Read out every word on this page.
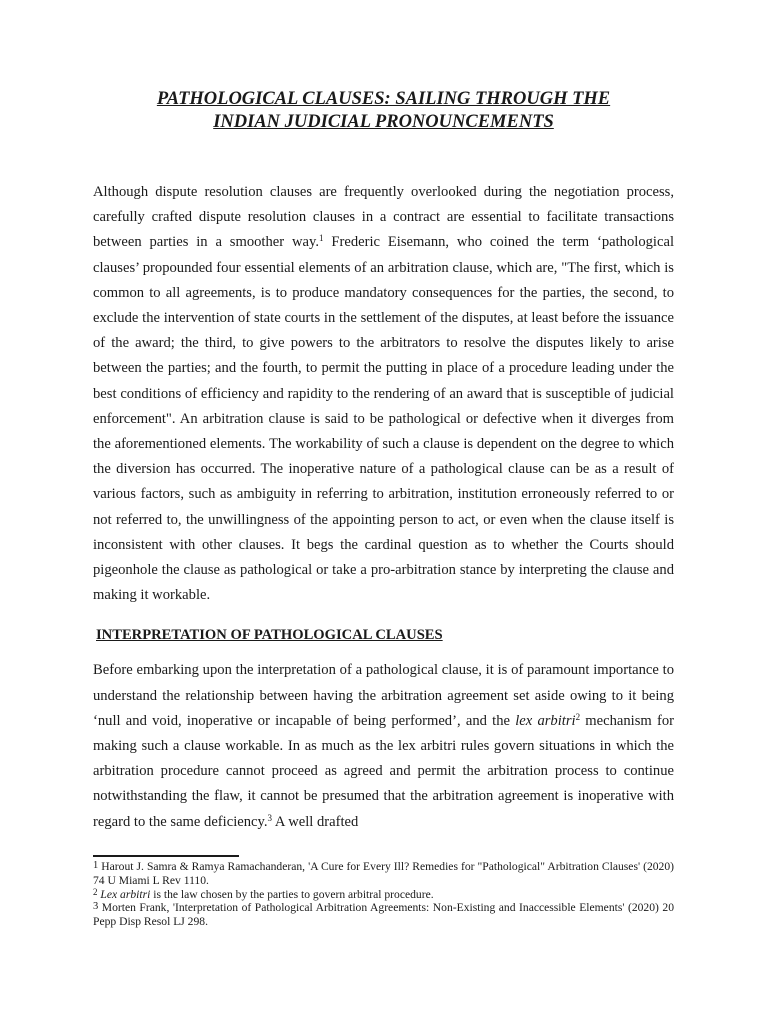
PATHOLOGICAL CLAUSES: SAILING THROUGH THE
INDIAN JUDICIAL PRONOUNCEMENTS

Although dispute resolution clauses are frequently overlooked during the negotiation process, carefully crafted dispute resolution clauses in a contract are essential to facilitate transactions between parties in a smoother way.$^1$ Frederic Eisemann, who coined the term ‘pathological clauses’ propounded four essential elements of an arbitration clause, which are, "The first, which is common to all agreements, is to produce mandatory consequences for the parties, the second, to exclude the intervention of state courts in the settlement of the disputes, at least before the issuance of the award; the third, to give powers to the arbitrators to resolve the disputes likely to arise between the parties; and the fourth, to permit the putting in place of a procedure leading under the best conditions of efficiency and rapidity to the rendering of an award that is susceptible of judicial enforcement". An arbitration clause is said to be pathological or defective when it diverges from the aforementioned elements. The workability of such a clause is dependent on the degree to which the diversion has occurred. The inoperative nature of a pathological clause can be as a result of various factors, such as ambiguity in referring to arbitration, institution erroneously referred to or not referred to, the unwillingness of the appointing person to act, or even when the clause itself is inconsistent with other clauses. It begs the cardinal question as to whether the Courts should pigeonhole the clause as pathological or take a pro-arbitration stance by interpreting the clause and making it workable.

INTERPRETATION OF PATHOLOGICAL CLAUSES

Before embarking upon the interpretation of a pathological clause, it is of paramount importance to understand the relationship between having the arbitration agreement set aside owing to it being ‘null and void, inoperative or incapable of being performed’, and the lex arbitri$^2$ mechanism for making such a clause workable. In as much as the lex arbitri rules govern situations in which the arbitration procedure cannot proceed as agreed and permit the arbitration process to continue notwithstanding the flaw, it cannot be presumed that the arbitration agreement is inoperative with regard to the same deficiency.$^3$ A well drafted

1 Harout J. Samra & Ramya Ramachanderan, 'A Cure for Every Ill? Remedies for "Pathological" Arbitration Clauses' (2020) 74 U Miami L Rev 1110.

$^2$ Lex arbitri is the law chosen by the parties to govern arbitral procedure.

3 Morten Frank, 'Interpretation of Pathological Arbitration Agreements: Non-Existing and Inaccessible Elements' (2020) 20 Pepp Disp Resol LJ 298.
